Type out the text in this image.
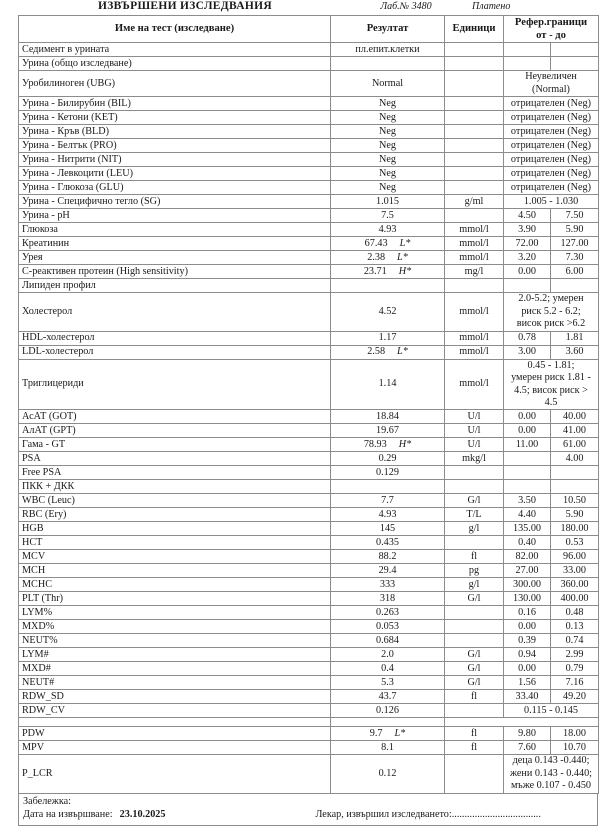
ИЗВЪРШЕНИ ИЗСЛЕДВАНИЯ	Лаб.№ 3480	Платено
Име на тест (изследване)	Резултат	Единици	Рефер.граници
от - до	

Седимент в урината	пл.епит.клетки			
Урина (общо изследване)				
Уробилиноген (UBG)	Normal		Неувеличен
(Normal)	

Урина - Билирубин (BIL)	Neg		отрицателен (Neg)	

Урина - Кетони (KET)	Neg		отрицателен (Neg)	

Урина - Кръв (BLD)	Neg		отрицателен (Neg)	

Урина - Белтък (PRO)	Neg		отрицателен (Neg)	

Урина - Нитрити (NIT)	Neg		отрицателен (Neg)	

Урина - Левкоцити (LEU)	Neg		отрицателен (Neg)	

Урина - Глюкоза (GLU)	Neg		отрицателен (Neg)	

Урина - Специфично тегло (SG)	1.015	g/ml	1.005 - 1.030	

Урина - pH	7.5		4.50	7.50
Глюкоза	4.93	mmol/l	3.90	5.90
Креатинин	67.43 L*	mmol/l	72.00	127.00
Урея	2.38 L*	mmol/l	3.20	7.30
С-реактивен протеин (High sensitivity)	23.71 H*	mg/l	0.00	6.00
Липиден профил				
Холестерол	4.52	mmol/l	2.0-5.2; умерен
риск 5.2 - 6.2;
висок риск >6.2	

HDL-холестерол	1.17	mmol/l	0.78	1.81
LDL-холестерол	2.58 L*	mmol/l	3.00	3.60
Триглицериди	1.14	mmol/l	0.45 - 1.81;
умерен риск 1.81 -
4.5; висок риск >
4.5	

АсАТ (GOT)	18.84	U/l	0.00	40.00
АлАТ (GPT)	19.67	U/l	0.00	41.00
Гама - GT	78.93 H*	U/l	11.00	61.00
PSA	0.29	mkg/l		4.00
Free PSA	0.129			
ПКК + ДКК				
WBC (Leuc)	7.7	G/l	3.50	10.50
RBC (Ery)	4.93	T/L	4.40	5.90
HGB	145	g/l	135.00	180.00
HCT	0.435		0.40	0.53
MCV	88.2	fl	82.00	96.00
MCH	29.4	pg	27.00	33.00
MCHC	333	g/l	300.00	360.00
PLT (Thr)	318	G/l	130.00	400.00
LYM%	0.263		0.16	0.48
MXD%	0.053		0.00	0.13
NEUT%	0.684		0.39	0.74
LYM#	2.0	G/l	0.94	2.99
MXD#	0.4	G/l	0.00	0.79
NEUT#	5.3	G/l	1.56	7.16
RDW_SD	43.7	fl	33.40	49.20
RDW_CV	0.126		0.115 - 0.145	

PDW	9.7 L*	fl	9.80	18.00
MPV	8.1	fl	7.60	10.70
P_LCR	0.12		деца 0.143 -0.440;
жени 0.143 - 0.440;
мъже 0.107 - 0.450	
Забележка:
Дата на извършване: 23.10.2025	Лекар, извършил изследването:...................................
